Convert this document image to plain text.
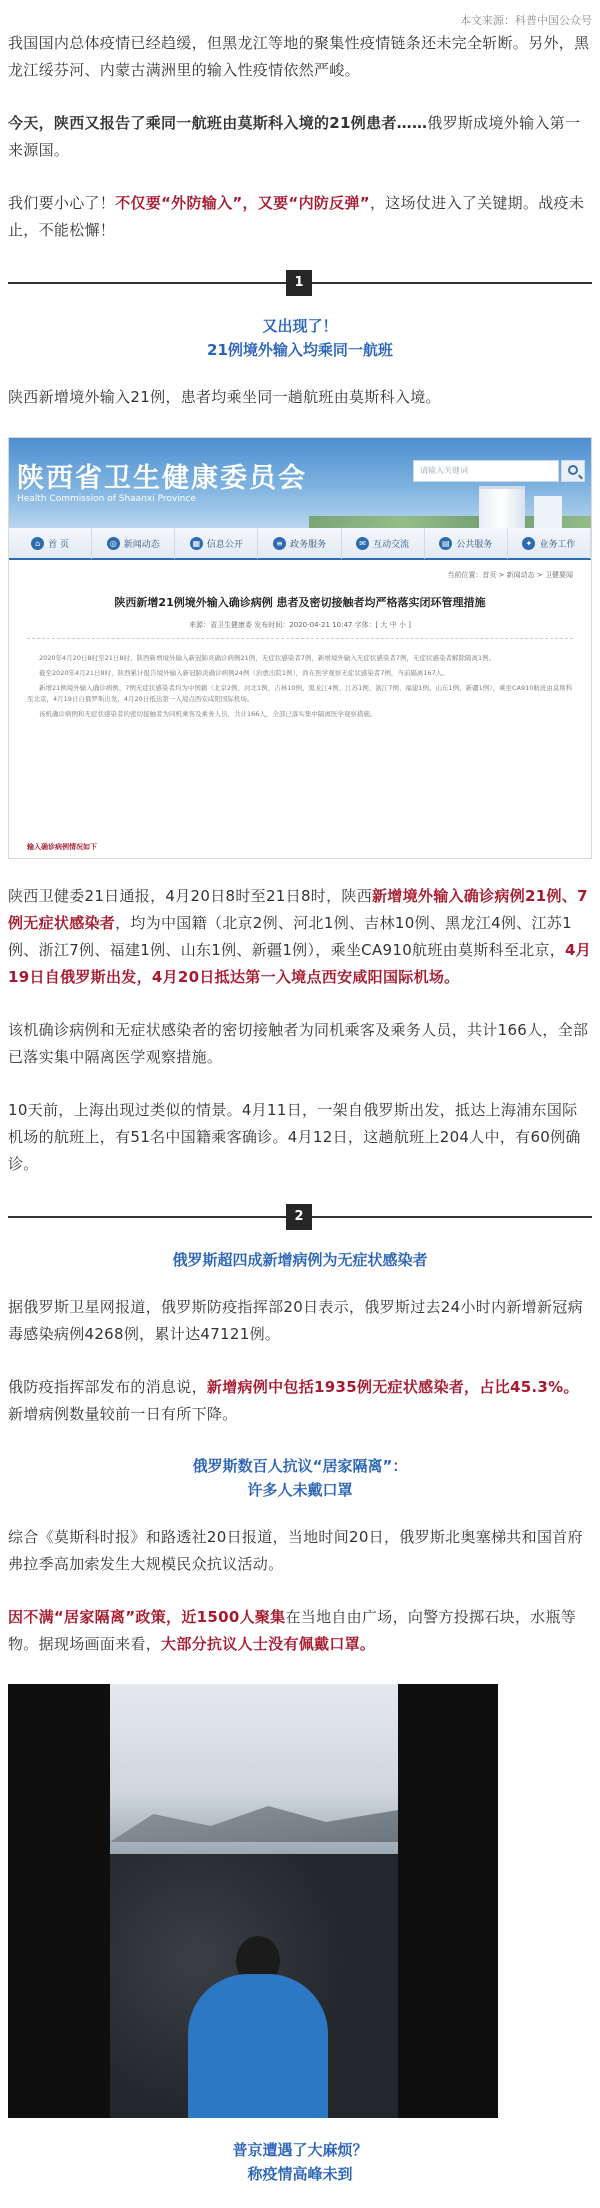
本文来源：科普中国公众号

我国国内总体疫情已经趋缓，但黑龙江等地的聚集性疫情链条还未完全斩断。另外，黑龙江绥芬河、内蒙古满洲里的输入性疫情依然严峻。

今天，陕西又报告了乘同一航班由莫斯科入境的21例患者……俄罗斯成境外输入第一来源国。

我们要小心了！不仅要“外防输入”，又要“内防反弹”，这场仗进入了关键期。战疫未止，不能松懈！

1
又出现了！
21例境外输入均乘同一航班

陕西新增境外输入21例，患者均乘坐同一趟航班由莫斯科入境。

陕西省卫生健康委员会
Health Commission of Shaanxi Province
请输入关键词
⌂ 首 页	◎ 新闻动态	▦ 信息公开	≡ 政务服务	✉ 互动交流	▤ 公共服务	✦ 业务工作
当前位置：首页 > 新闻动态 > 卫健要闻
陕西新增21例境外输入确诊病例 患者及密切接触者均严格落实闭环管理措施
来源：省卫生健康委 发布时间：2020-04-21 10:47 字体：[ 大 中 小 ]
2020年4月20日8时至21日8时，陕西新增境外输入新冠肺炎确诊病例21例，无症状感染者7例，新增境外输入无症状感染者7例，无症状感染者解除隔离1例。
截至2020年4月21日8时，陕西累计报告境外输入新冠肺炎确诊病例24例（治愈出院1例），尚在医学观察无症状感染者7例，当前隔离167人。
新增21例境外输入确诊病例、7例无症状感染者均为中国籍（北京2例、河北1例、吉林10例、黑龙江4例、江苏1例、浙江7例、福建1例、山东1例、新疆1例），乘坐CA910航班由莫斯科至北京，4月19日自俄罗斯出发，4月20日抵达第一入境点西安咸阳国际机场。
该机确诊病例和无症状感染者的密切接触者为同机乘客及乘务人员，共计166人，全部已落实集中隔离医学观察措施。
输入确诊病例情况如下

陕西卫健委21日通报，4月20日8时至21日8时，陕西新增境外输入确诊病例21例、7例无症状感染者，均为中国籍（北京2例、河北1例、吉林10例、黑龙江4例、江苏1例、浙江7例、福建1例、山东1例、新疆1例），乘坐CA910航班由莫斯科至北京，4月19日自俄罗斯出发，4月20日抵达第一入境点西安咸阳国际机场。

该机确诊病例和无症状感染者的密切接触者为同机乘客及乘务人员，共计166人，全部已落实集中隔离医学观察措施。

10天前，上海出现过类似的情景。4月11日，一架自俄罗斯出发，抵达上海浦东国际机场的航班上，有51名中国籍乘客确诊。4月12日，这趟航班上204人中，有60例确诊。

2
俄罗斯超四成新增病例为无症状感染者

据俄罗斯卫星网报道，俄罗斯防疫指挥部20日表示，俄罗斯过去24小时内新增新冠病毒感染病例4268例，累计达47121例。

俄防疫指挥部发布的消息说，新增病例中包括1935例无症状感染者，占比45.3%。新增病例数量较前一日有所下降。

俄罗斯数百人抗议“居家隔离”：
许多人未戴口罩

综合《莫斯科时报》和路透社20日报道，当地时间20日，俄罗斯北奥塞梯共和国首府弗拉季高加索发生大规模民众抗议活动。

因不满“居家隔离”政策，近1500人聚集在当地自由广场，向警方投掷石块，水瓶等物。据现场画面来看，大部分抗议人士没有佩戴口罩。

普京遭遇了大麻烦？
称疫情高峰未到
